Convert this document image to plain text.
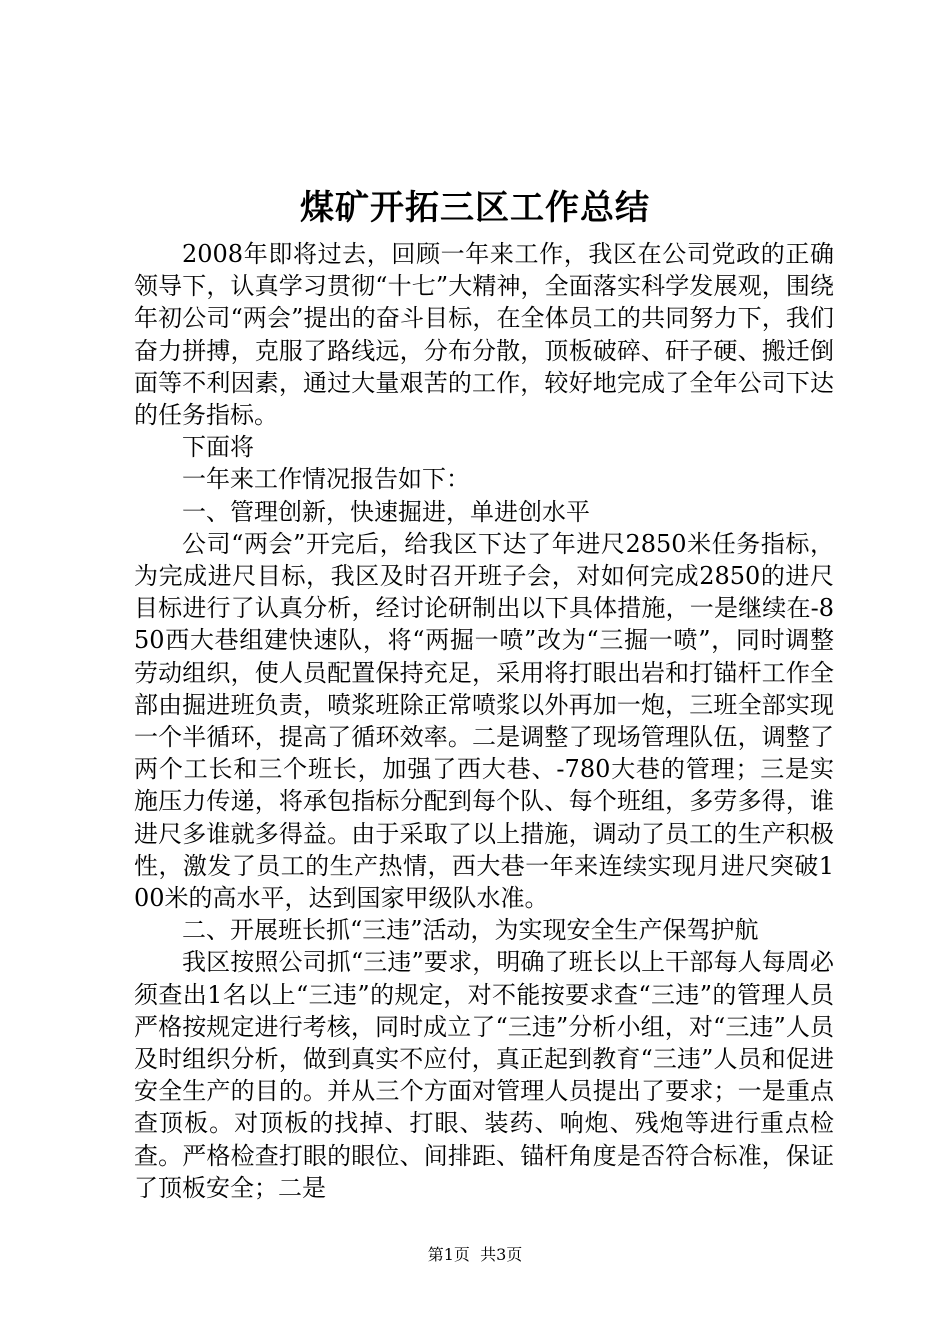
煤矿开拓三区工作总结

2008年即将过去，回顾一年来工作，我区在公司党政的正确领导下，认真学习贯彻“十七”大精神，全面落实科学发展观，围绕年初公司“两会”提出的奋斗目标，在全体员工的共同努力下，我们奋力拼搏，克服了路线远，分布分散，顶板破碎、矸子硬、搬迁倒面等不利因素，通过大量艰苦的工作，较好地完成了全年公司下达的任务指标。

下面将

一年来工作情况报告如下：

一、管理创新，快速掘进，单进创水平

公司“两会”开完后，给我区下达了年进尺2850米任务指标，为完成进尺目标，我区及时召开班子会，对如何完成2850的进尺目标进行了认真分析，经讨论研制出以下具体措施，一是继续在-850西大巷组建快速队，将“两掘一喷”改为“三掘一喷”，同时调整劳动组织，使人员配置保持充足，采用将打眼出岩和打锚杆工作全部由掘进班负责，喷浆班除正常喷浆以外再加一炮，三班全部实现一个半循环，提高了循环效率。二是调整了现场管理队伍，调整了两个工长和三个班长，加强了西大巷、-780大巷的管理；三是实施压力传递，将承包指标分配到每个队、每个班组，多劳多得，谁进尺多谁就多得益。由于采取了以上措施，调动了员工的生产积极性，激发了员工的生产热情，西大巷一年来连续实现月进尺突破100米的高水平，达到国家甲级队水准。

二、开展班长抓“三违”活动，为实现安全生产保驾护航

我区按照公司抓“三违”要求，明确了班长以上干部每人每周必须查出1名以上“三违”的规定，对不能按要求查“三违”的管理人员严格按规定进行考核，同时成立了“三违”分析小组，对“三违”人员及时组织分析，做到真实不应付，真正起到教育“三违”人员和促进安全生产的目的。并从三个方面对管理人员提出了要求；一是重点查顶板。对顶板的找掉、打眼、装药、响炮、残炮等进行重点检查。严格检查打眼的眼位、间排距、锚杆角度是否符合标准，保证了顶板安全；二是

第1页  共3页
